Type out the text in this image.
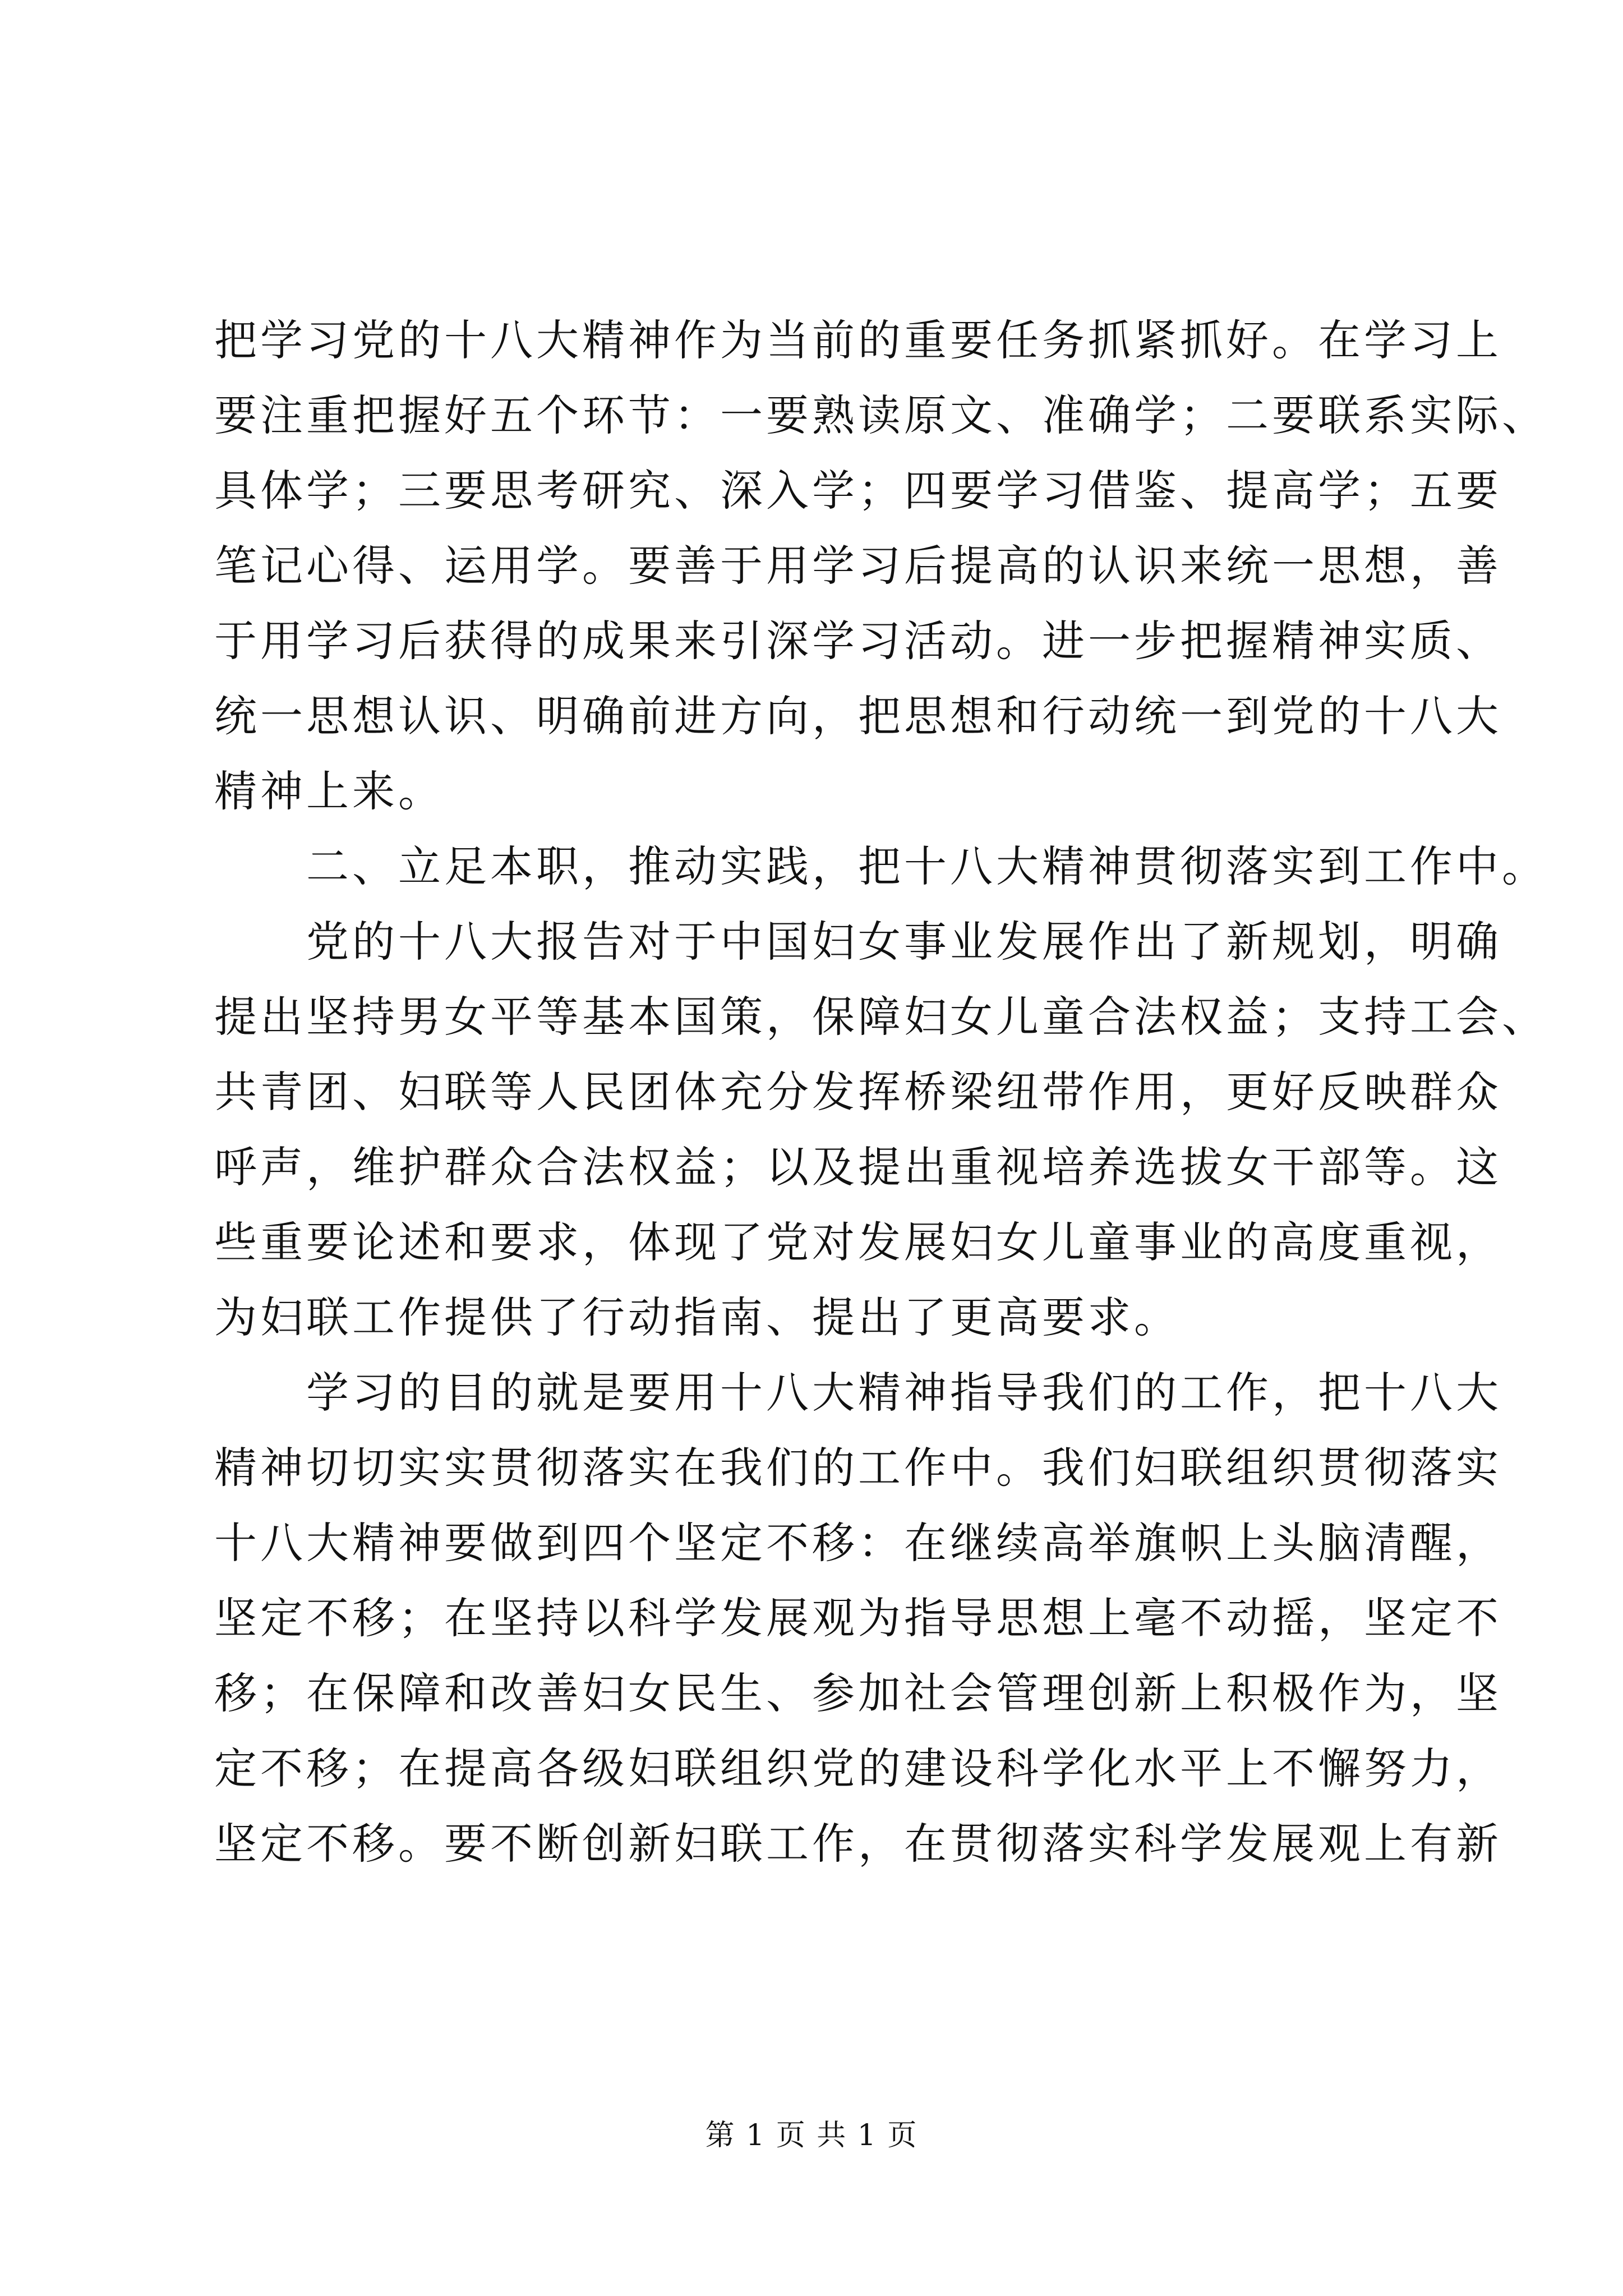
把学习党的十八大精神作为当前的重要任务抓紧抓好。在学习上
要注重把握好五个环节：一要熟读原文、准确学；二要联系实际、
具体学；三要思考研究、深入学；四要学习借鉴、提高学；五要
笔记心得、运用学。要善于用学习后提高的认识来统一思想，善
于用学习后获得的成果来引深学习活动。进一步把握精神实质、
统一思想认识、明确前进方向，把思想和行动统一到党的十八大
精神上来。
二、立足本职，推动实践，把十八大精神贯彻落实到工作中。
党的十八大报告对于中国妇女事业发展作出了新规划，明确
提出坚持男女平等基本国策，保障妇女儿童合法权益；支持工会、
共青团、妇联等人民团体充分发挥桥梁纽带作用，更好反映群众
呼声，维护群众合法权益；以及提出重视培养选拔女干部等。这
些重要论述和要求，体现了党对发展妇女儿童事业的高度重视，
为妇联工作提供了行动指南、提出了更高要求。
学习的目的就是要用十八大精神指导我们的工作，把十八大
精神切切实实贯彻落实在我们的工作中。我们妇联组织贯彻落实
十八大精神要做到四个坚定不移：在继续高举旗帜上头脑清醒，
坚定不移；在坚持以科学发展观为指导思想上毫不动摇，坚定不
移；在保障和改善妇女民生、参加社会管理创新上积极作为，坚
定不移；在提高各级妇联组织党的建设科学化水平上不懈努力，
坚定不移。要不断创新妇联工作，在贯彻落实科学发展观上有新
第 1 页 共 1 页
